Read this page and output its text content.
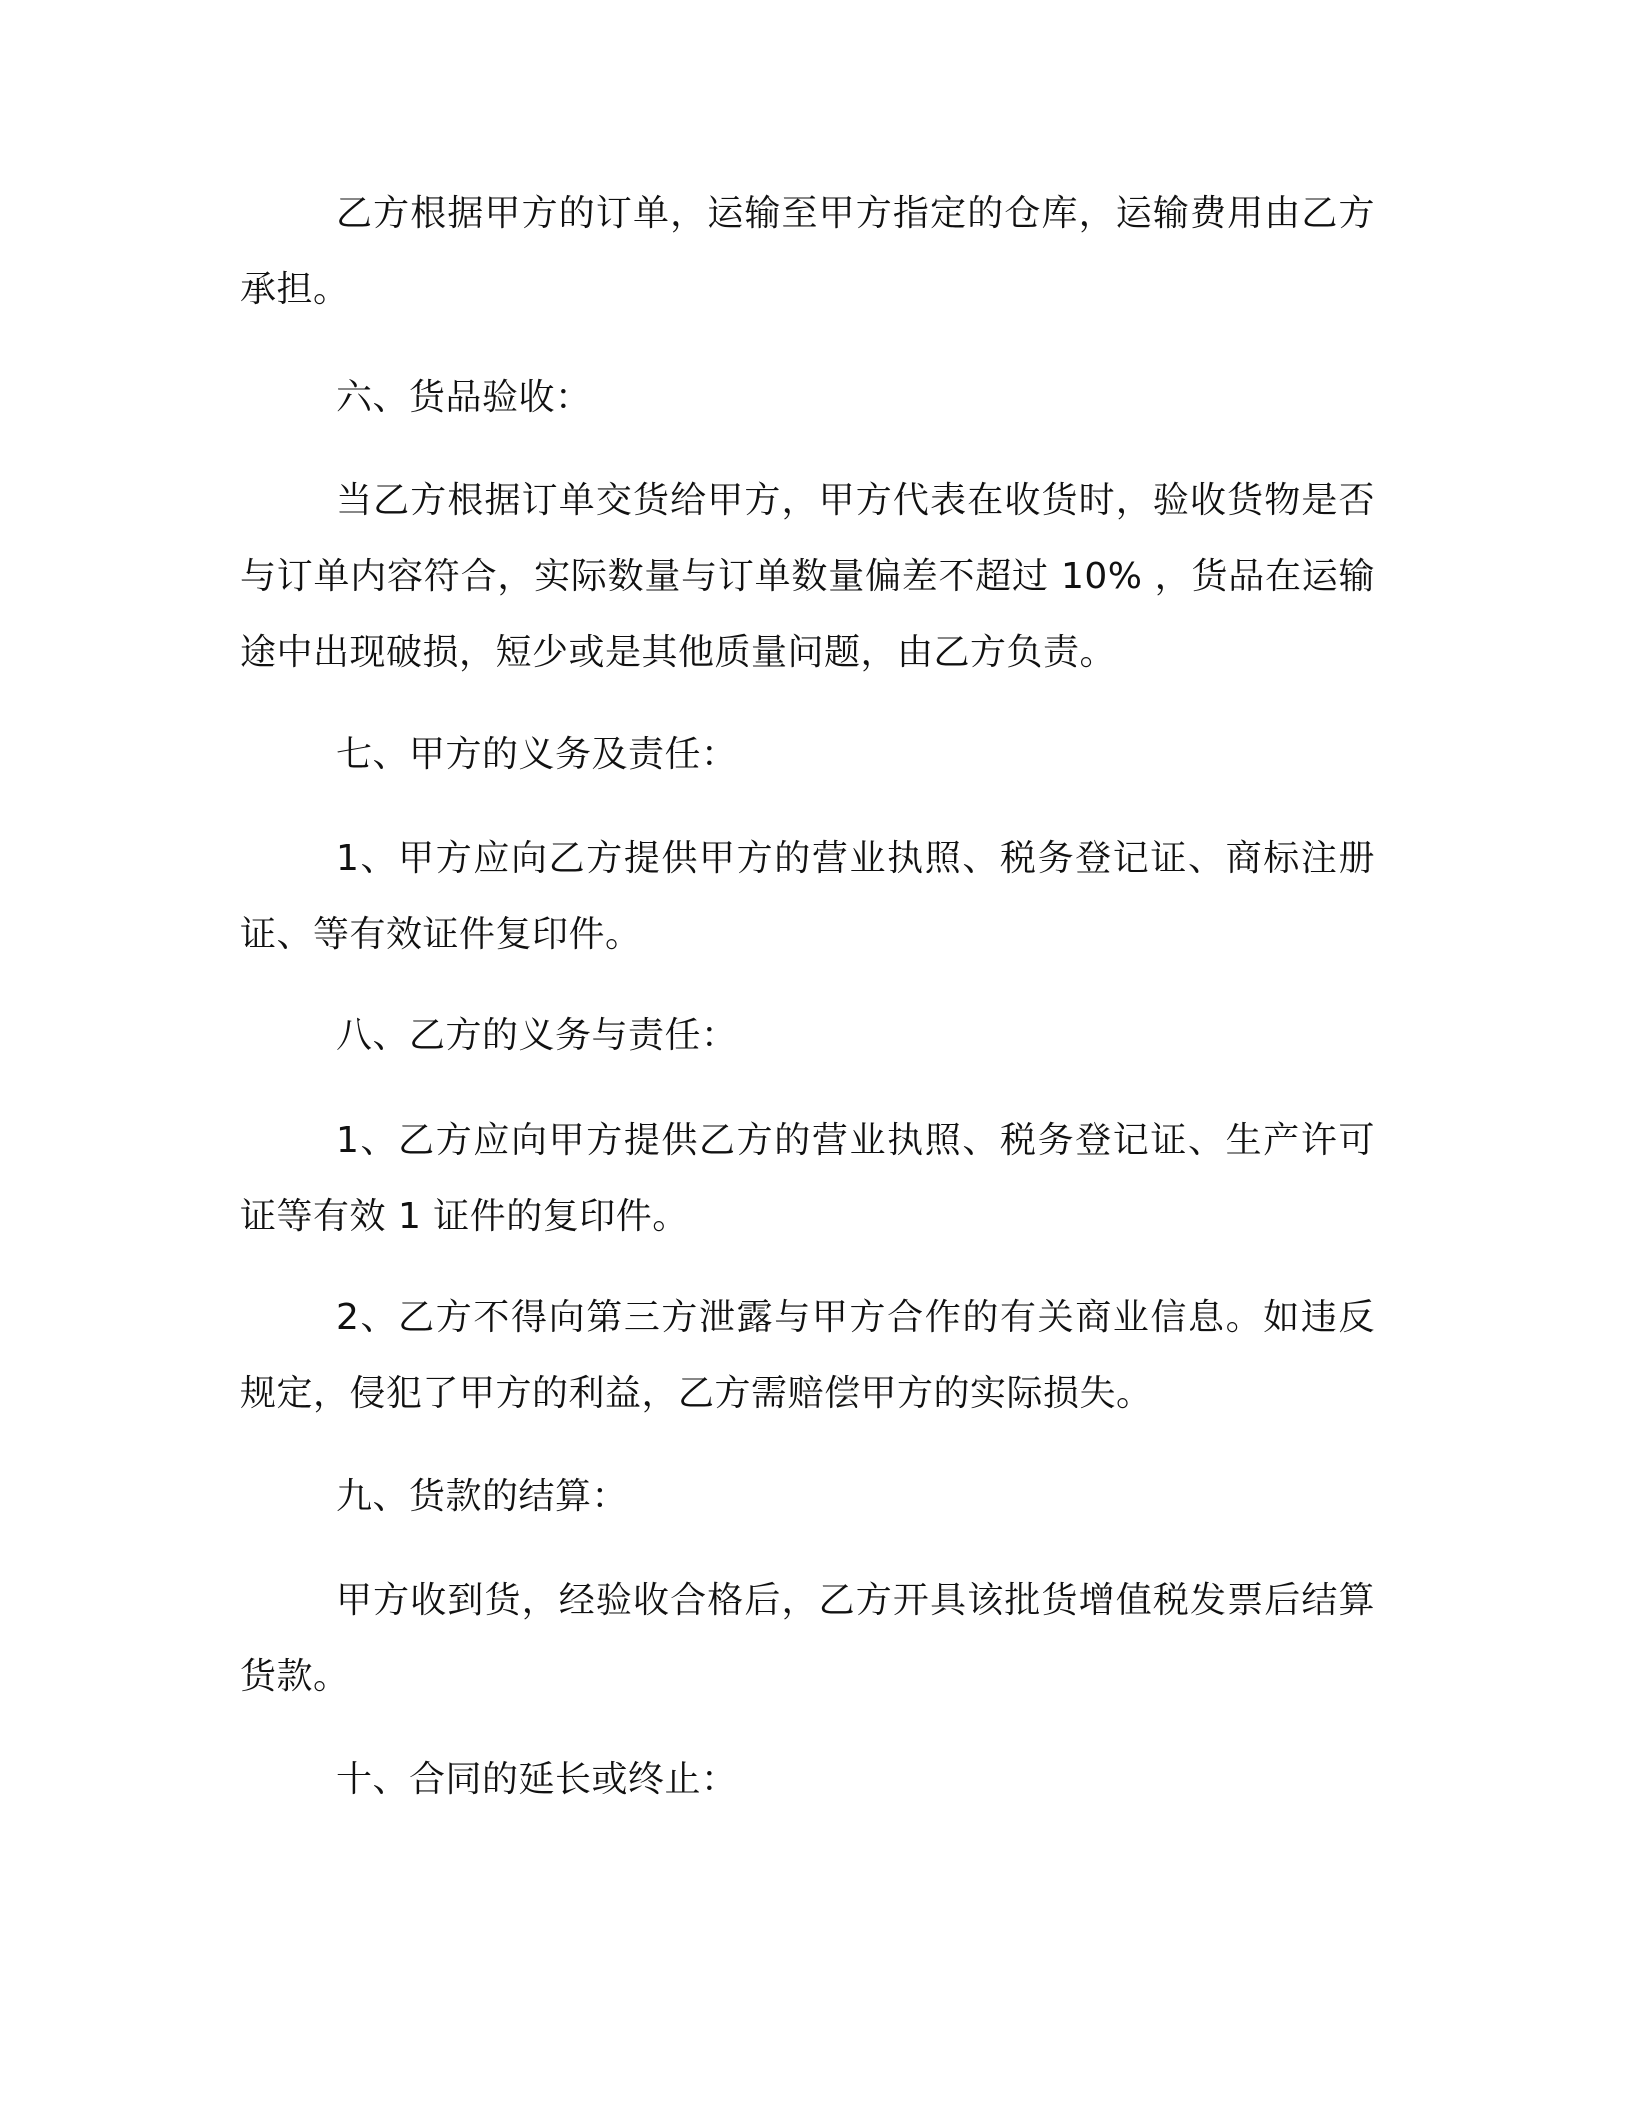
乙方根据甲方的订单，运输至甲方指定的仓库，运输费用由乙方承担。

六、货品验收：

当乙方根据订单交货给甲方，甲方代表在收货时，验收货物是否与订单内容符合，实际数量与订单数量偏差不超过 10% ，货品在运输途中出现破损，短少或是其他质量问题，由乙方负责。

七、甲方的义务及责任：

1、甲方应向乙方提供甲方的营业执照、税务登记证、商标注册证、等有效证件复印件。

八、乙方的义务与责任：

1、乙方应向甲方提供乙方的营业执照、税务登记证、生产许可证等有效 1 证件的复印件。

2、乙方不得向第三方泄露与甲方合作的有关商业信息。如违反规定，侵犯了甲方的利益，乙方需赔偿甲方的实际损失。

九、货款的结算：

甲方收到货，经验收合格后，乙方开具该批货增值税发票后结算货款。

十、合同的延长或终止：
